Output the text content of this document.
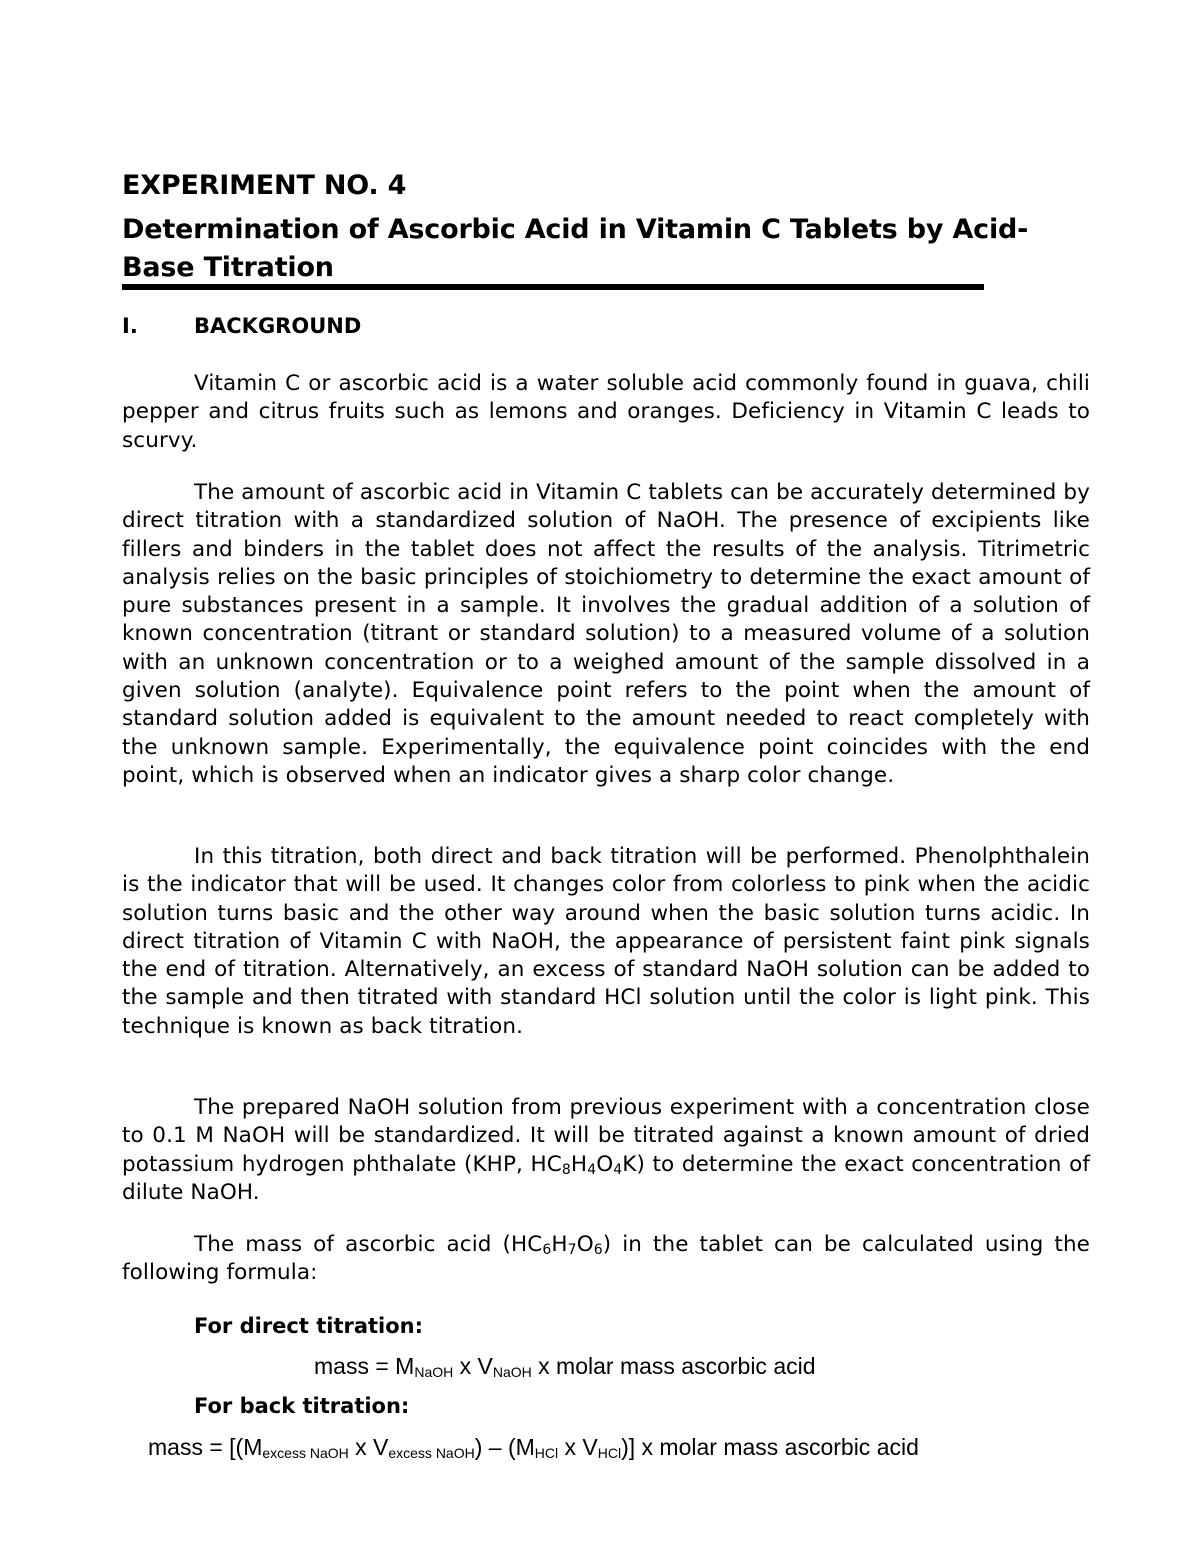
EXPERIMENT NO. 4
Determination of Ascorbic Acid in Vitamin C Tablets by Acid-Base Titration
I.	BACKGROUND

Vitamin C or ascorbic acid is a water soluble acid commonly found in guava, chili pepper and citrus fruits such as lemons and oranges. Deficiency in Vitamin C leads to scurvy.

The amount of ascorbic acid in Vitamin C tablets can be accurately determined by direct titration with a standardized solution of NaOH. The presence of excipients like fillers and binders in the tablet does not affect the results of the analysis. Titrimetric analysis relies on the basic principles of stoichiometry to determine the exact amount of pure substances present in a sample. It involves the gradual addition of a solution of known concentration (titrant or standard solution) to a measured volume of a solution with an unknown concentration or to a weighed amount of the sample dissolved in a given solution (analyte). Equivalence point refers to the point when the amount of standard solution added is equivalent to the amount needed to react completely with the unknown sample. Experimentally, the equivalence point coincides with the end point, which is observed when an indicator gives a sharp color change.

In this titration, both direct and back titration will be performed. Phenolphthalein is the indicator that will be used. It changes color from colorless to pink when the acidic solution turns basic and the other way around when the basic solution turns acidic. In direct titration of Vitamin C with NaOH, the appearance of persistent faint pink signals the end of titration. Alternatively, an excess of standard NaOH solution can be added to the sample and then titrated with standard HCl solution until the color is light pink. This technique is known as back titration.

The prepared NaOH solution from previous experiment with a concentration close to 0.1 M NaOH will be standardized. It will be titrated against a known amount of dried potassium hydrogen phthalate (KHP, $HC_8H_4O_4K$) to determine the exact concentration of dilute NaOH.

The mass of ascorbic acid $(HC_6H_7O_6)$ in the tablet can be calculated using the following formula:

For direct titration:
mass = $M_{NaOH}$ x $V_{NaOH}$ x molar mass ascorbic acid
For back titration:
mass = [($M_{excess NaOH}$ x $V_{excess NaOH}) - (M_{HCl}$ x $V_{HCl}$)] x molar mass ascorbic acid
